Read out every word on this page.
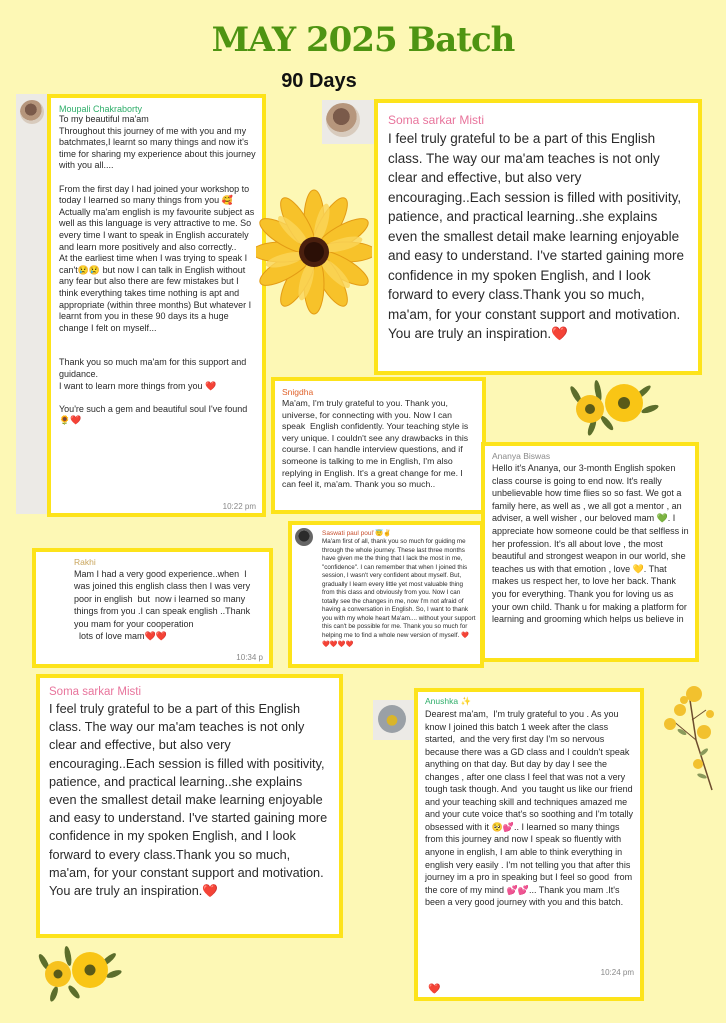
MAY 2025 Batch
90 Days
Moupali Chakraborty
To my beautiful ma'am
Throughout this journey of me with you and my batchmates,I learnt so many things and now it's time for sharing my experience about this journey with you all....

From the first day I had joined your workshop to today I learned so many things from you 🥰
Actually ma'am english is my favourite subject as well as this language is very attractive to me. So every time I want to speak in English accurately and learn more positively and also correctly..
At the earliest time when I was trying to speak I can't😢😢 but now I can talk in English without any fear but also there are few mistakes but I think everything takes time nothing is apt and appropriate (within three months) But whatever I learnt from you in these 90 days its a huge change I felt on myself...

Thank you so much ma'am for this support and guidance.
I want to learn more things from you ❤️

You're such a gem and beautiful soul I've found 🌻❤️
10:22 pm
Soma sarkar Misti
I feel truly grateful to be a part of this English class. The way our ma'am teaches is not only clear and effective, but also very encouraging..Each session is filled with positivity, patience, and practical learning..she explains even the smallest detail make learning enjoyable and easy to understand. I've started gaining more confidence in my spoken English, and I look forward to every class.Thank you so much, ma'am, for your constant support and motivation. You are truly an inspiration.❤️
Snigdha
Ma'am, I'm truly grateful to you. Thank you, universe, for connecting with you. Now I can speak  English confidently. Your teaching style is very unique. I couldn't see any drawbacks in this course. I can handle interview questions, and if someone is talking to me in English, I'm also replying in English. It's a great change for me. I can feel it, ma'am. Thank you so much..
Ananya Biswas
Hello it's Ananya, our 3-month English spoken class course is going to end now. It's really unbelievable how time flies so so fast. We got a family here, as well as , we all got a mentor , an adviser, a well wisher , our beloved mam 💚. I appreciate how someone could be that selfless in her profession. It's all about love , the most beautiful and strongest weapon in our world, she teaches us with that emotion , love 💛. That makes us respect her, to love her back. Thank you for everything. Thank you for loving us as your own child. Thank u for making a platform for learning and grooming which helps us believe in
Rakhi
Mam I had a very good experience..when  I was joined this english class then I was very poor in english  but  now i learned so many things from you .I can speak english ..Thank you mam for your cooperation
lots of love mam❤️❤️
10:34 p
Saswati paul pouľ 😇✌
Ma'am first of all, thank you so much for guiding me through the whole journey. These last three months have given me the thing that I lack the most in me, "confidence". I can remember that when I joined this session, I wasn't very confident about myself. But, gradually I learn every little yet most valuable thing from this class and obviously from you. Now I can totally see the changes in me, now I'm not afraid of having a conversation in English. So, I want to thank you with my whole heart Ma'am.... without your support this can't be possible for me. Thank you so much for helping me to find a whole new version of myself. ❤️❤️❤️❤️❤️
Soma sarkar Misti
I feel truly grateful to be a part of this English class. The way our ma'am teaches is not only clear and effective, but also very encouraging..Each session is filled with positivity, patience, and practical learning..she explains even the smallest detail make learning enjoyable and easy to understand. I've started gaining more confidence in my spoken English, and I look forward to every class.Thank you so much, ma'am, for your constant support and motivation. You are truly an inspiration.❤️
Anushka ✨
Dearest ma'am,  I'm truly grateful to you . As you know I joined this batch 1 week after the class started,  and the very first day I'm so nervous because there was a GD class and I couldn't speak anything on that day. But day by day I see the changes , after one class I feel that was not a very tough task though. And  you taught us like our friend and your teaching skill and techniques amazed me and your cute voice that's so soothing and I'm totally obsessed with it 🥺💕.. I learned so many things from this journey and now I speak so fluently with anyone in english, I am able to think everything in english very easily . I'm not telling you that after this journey im a pro in speaking but I feel so good  from the core of my mind 💕💕... Thank you mam .It's been a very good journey with you and this batch.
10:24 pm
❤️
